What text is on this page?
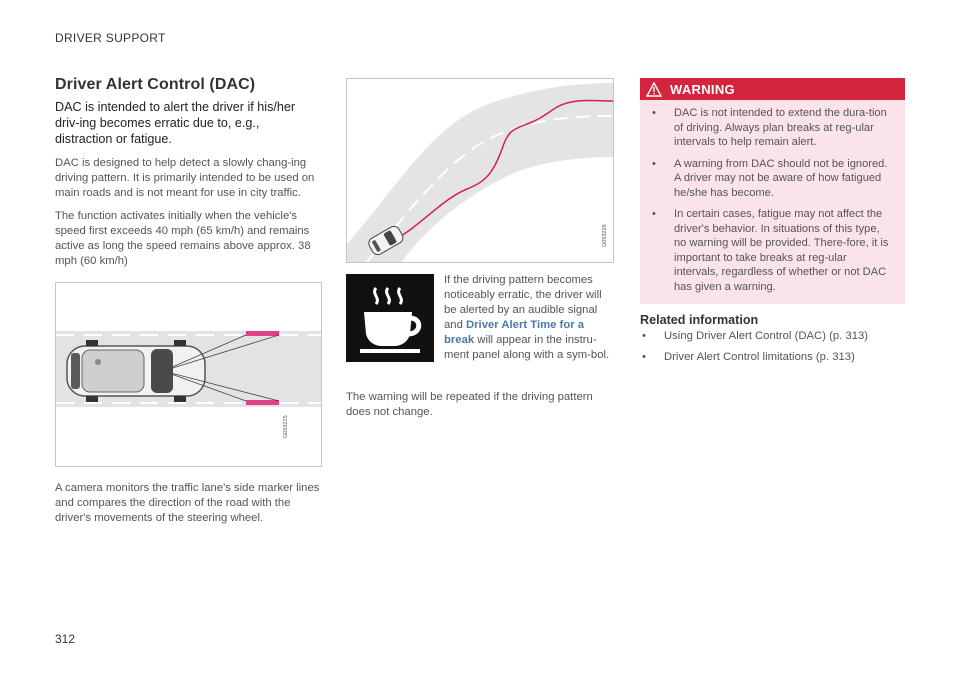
DRIVER SUPPORT
Driver Alert Control (DAC)
DAC is intended to alert the driver if his/her driv-ing becomes erratic due to, e.g., distraction or fatigue.
DAC is designed to help detect a slowly chang-ing driving pattern. It is primarily intended to be used on main roads and is not meant for use in city traffic.
The function activates initially when the vehicle's speed first exceeds 40 mph (65 km/h) and remains active as long the speed remains above approx. 38 mph (60 km/h)
G053225
A camera monitors the traffic lane's side marker lines and compares the direction of the road with the driver's movements of the steering wheel.
G053226
If the driving pattern becomes noticeably erratic, the driver will be alerted by an audible signal and Driver Alert Time for a break will appear in the instru-ment panel along with a sym-bol.
The warning will be repeated if the driving pattern does not change.
WARNING
•	DAC is not intended to extend the dura-tion of driving. Always plan breaks at reg-ular intervals to help remain alert.
•	A warning from DAC should not be ignored. A driver may not be aware of how fatigued he/she has become.
•	In certain cases, fatigue may not affect the driver's behavior. In situations of this type, no warning will be provided. There-fore, it is important to take breaks at reg-ular intervals, regardless of whether or not DAC has given a warning.
Related information
•	Using Driver Alert Control (DAC) (p. 313)
•	Driver Alert Control limitations (p. 313)
312
